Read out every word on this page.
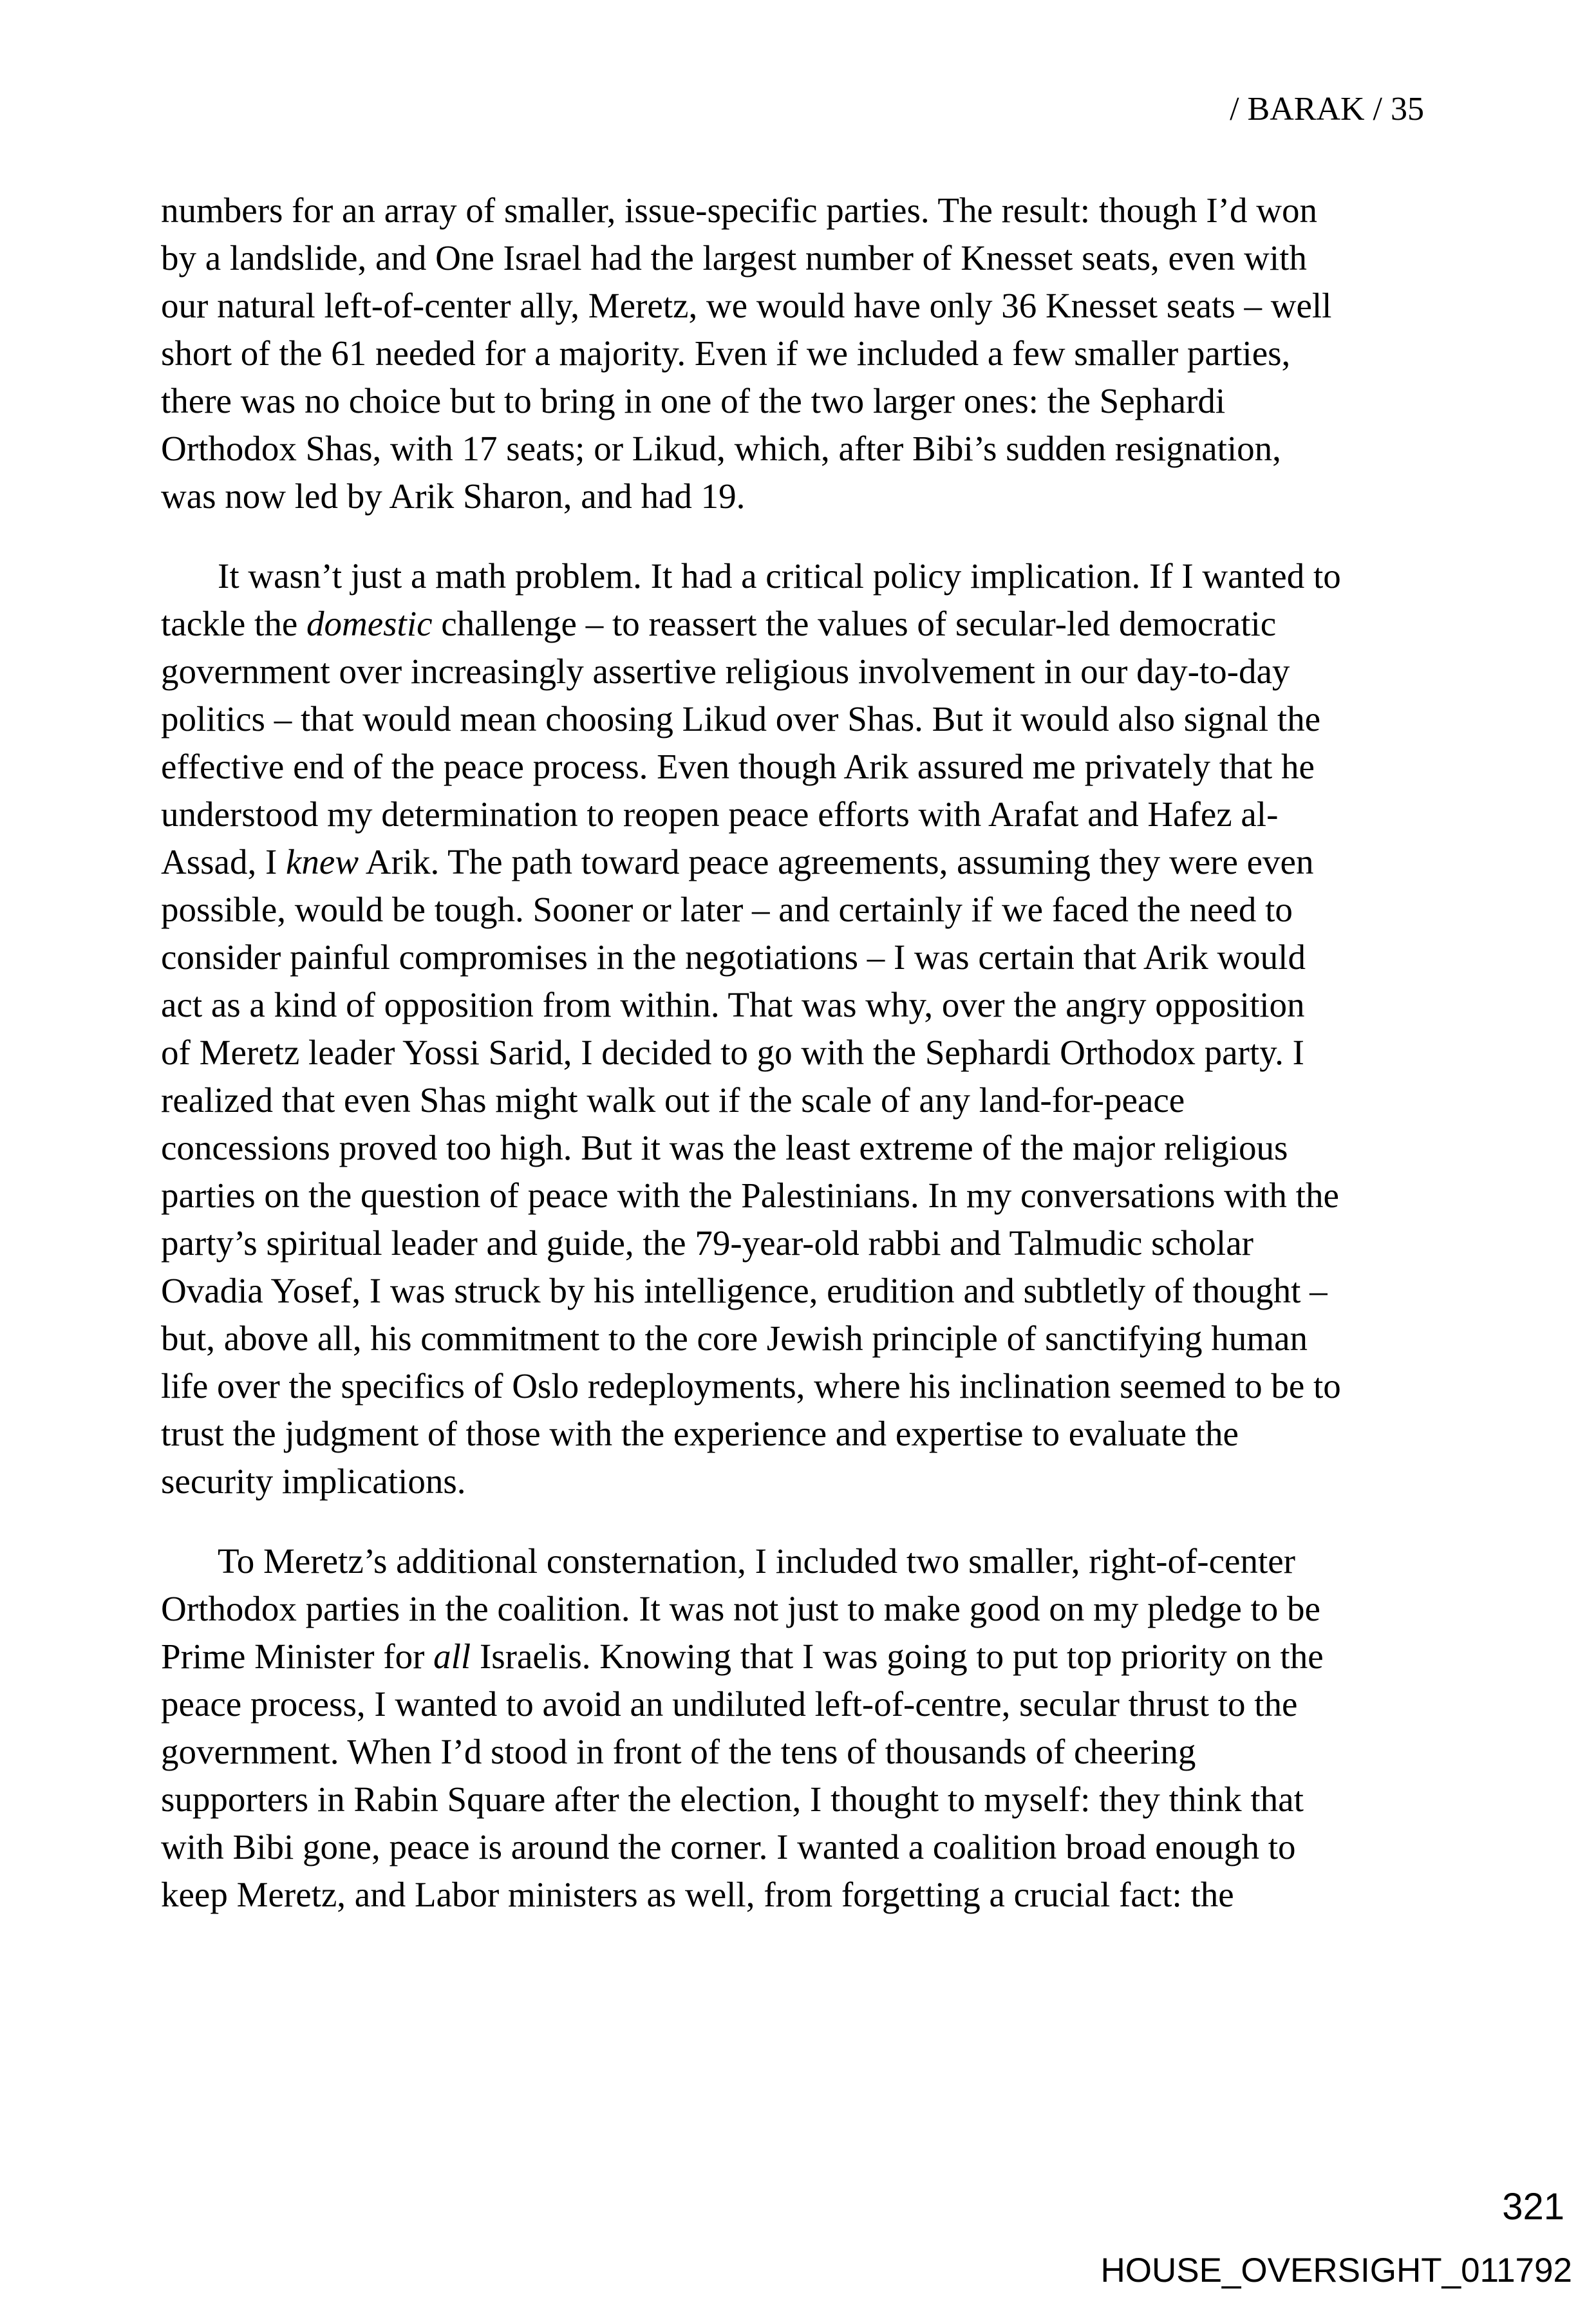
/ BARAK / 35
numbers for an array of smaller, issue-specific parties. The result: though I’d won
by a landslide, and One Israel had the largest number of Knesset seats, even with
our natural left-of-center ally, Meretz, we would have only 36 Knesset seats – well
short of the 61 needed for a majority. Even if we included a few smaller parties,
there was no choice but to bring in one of the two larger ones: the Sephardi
Orthodox Shas, with 17 seats; or Likud, which, after Bibi’s sudden resignation,
was now led by Arik Sharon, and had 19.
It wasn’t just a math problem. It had a critical policy implication. If I wanted to
tackle the domestic challenge – to reassert the values of secular-led democratic
government over increasingly assertive religious involvement in our day-to-day
politics – that would mean choosing Likud over Shas. But it would also signal the
effective end of the peace process. Even though Arik assured me privately that he
understood my determination to reopen peace efforts with Arafat and Hafez al-
Assad, I knew Arik. The path toward peace agreements, assuming they were even
possible, would be tough. Sooner or later – and certainly if we faced the need to
consider painful compromises in the negotiations – I was certain that Arik would
act as a kind of opposition from within. That was why, over the angry opposition
of Meretz leader Yossi Sarid, I decided to go with the Sephardi Orthodox party. I
realized that even Shas might walk out if the scale of any land-for-peace
concessions proved too high. But it was the least extreme of the major religious
parties on the question of peace with the Palestinians. In my conversations with the
party’s spiritual leader and guide, the 79-year-old rabbi and Talmudic scholar
Ovadia Yosef, I was struck by his intelligence, erudition and subtletly of thought –
but, above all, his commitment to the core Jewish principle of sanctifying human
life over the specifics of Oslo redeployments, where his inclination seemed to be to
trust the judgment of those with the experience and expertise to evaluate the
security implications.
To Meretz’s additional consternation, I included two smaller, right-of-center
Orthodox parties in the coalition. It was not just to make good on my pledge to be
Prime Minister for all Israelis. Knowing that I was going to put top priority on the
peace process, I wanted to avoid an undiluted left-of-centre, secular thrust to the
government. When I’d stood in front of the tens of thousands of cheering
supporters in Rabin Square after the election, I thought to myself: they think that
with Bibi gone, peace is around the corner. I wanted a coalition broad enough to
keep Meretz, and Labor ministers as well, from forgetting a crucial fact: the
321
HOUSE_OVERSIGHT_011792
